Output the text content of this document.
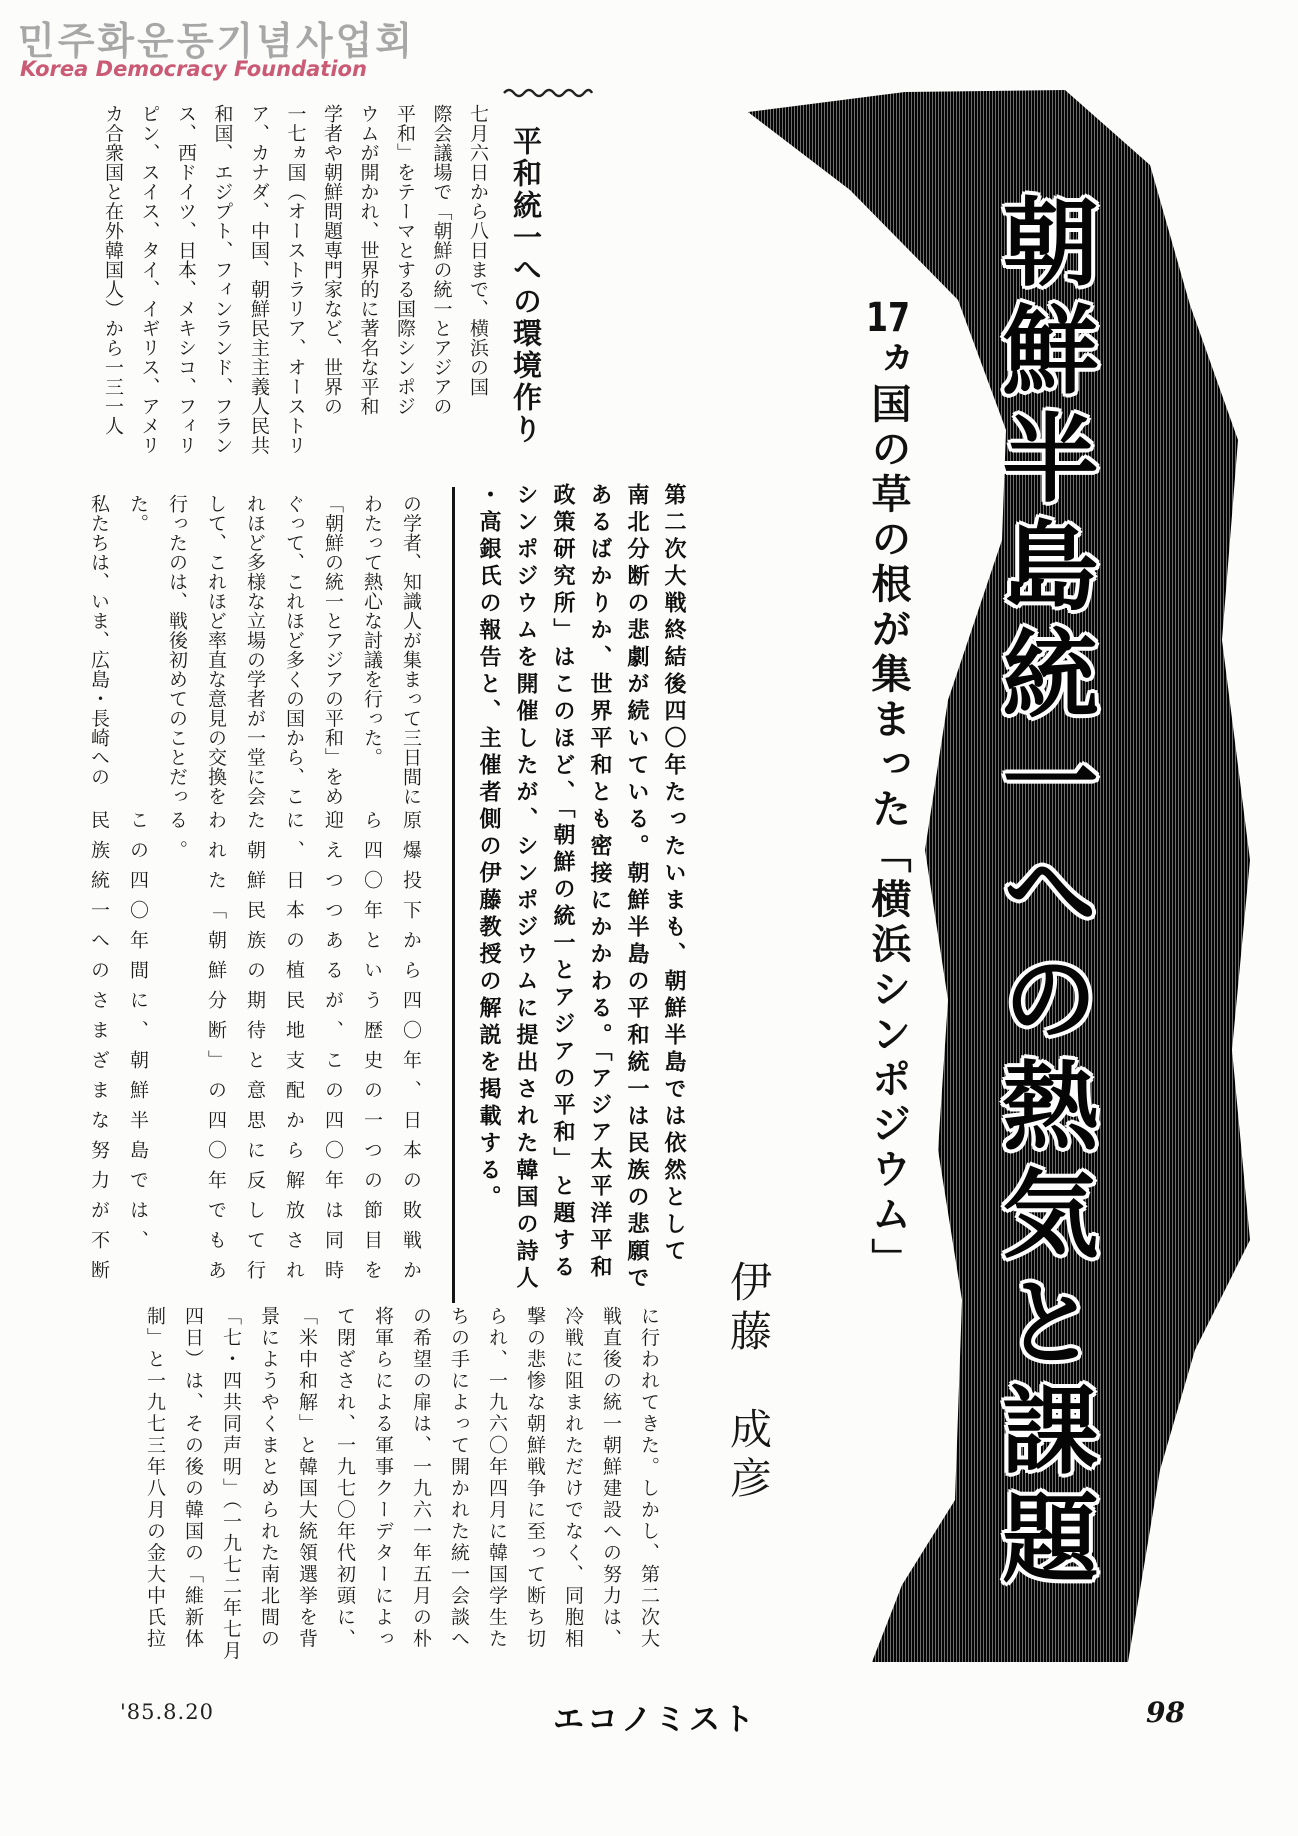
민주화운동기념사업회
Korea Democracy Foundation
朝鮮半島統一への熱気と課題
17ヵ国の草の根が集まった「横浜シンポジウム」
伊藤　成彦
平和統一への環境作り
七月六日から八日まで、横浜の国
際会議場で「朝鮮の統一とアジアの
平和」をテーマとする国際シンポジ
ウムが開かれ、世界的に著名な平和
学者や朝鮮問題専門家など、世界の
一七ヵ国（オーストラリア、オーストリ
ア、カナダ、中国、朝鮮民主主義人民共
和国、エジプト、フィンランド、フラン
ス、西ドイツ、日本、メキシコ、フィリ
ピン、スイス、タイ、イギリス、アメリ
カ合衆国と在外韓国人）から一三一人
第二次大戦終結後四〇年たったいまも、朝鮮半島では依然として
南北分断の悲劇が続いている。朝鮮半島の平和統一は民族の悲願で
あるばかりか、世界平和とも密接にかかわる。「アジア太平洋平和
政策研究所」はこのほど、「朝鮮の統一とアジアの平和」と題する
シンポジウムを開催したが、シンポジウムに提出された韓国の詩人
・高銀氏の報告と、主催者側の伊藤教授の解説を掲載する。
の学者、知識人が集まって三日間に
わたって熱心な討議を行った。
「朝鮮の統一とアジアの平和」をめ
ぐって、これほど多くの国から、こ
れほど多様な立場の学者が一堂に会
して、これほど率直な意見の交換を
行ったのは、戦後初めてのことだっ
た。
私たちは、いま、広島・長崎への
原爆投下から四〇年、日本の敗戦か
ら四〇年という歴史の一つの節目を
迎えつつあるが、この四〇年は同時
に、日本の植民地支配から解放され
た朝鮮民族の期待と意思に反して行
われた「朝鮮分断」の四〇年でもあ
る。
この四〇年間に、朝鮮半島では、
民族統一へのさまざまな努力が不断
に行われてきた。しかし、第二次大
戦直後の統一朝鮮建設への努力は、
冷戦に阻まれただけでなく、同胞相
撃の悲惨な朝鮮戦争に至って断ち切
られ、一九六〇年四月に韓国学生た
ちの手によって開かれた統一会談へ
の希望の扉は、一九六一年五月の朴
将軍らによる軍事クーデターによっ
て閉ざされ、一九七〇年代初頭に、
「米中和解」と韓国大統領選挙を背
景にようやくまとめられた南北間の
「七・四共同声明」（一九七二年七月
四日）は、その後の韓国の「維新体
制」と一九七三年八月の金大中氏拉
'85.8.20	エコノミスト	98
